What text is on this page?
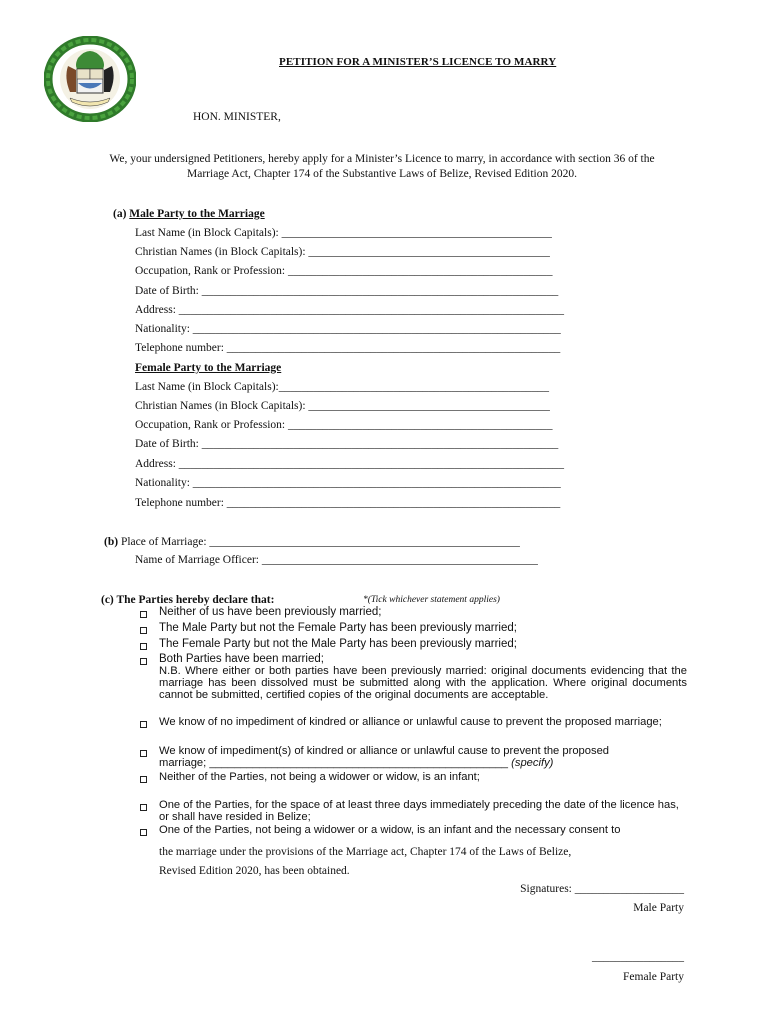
PETITION FOR A MINISTER’S LICENCE TO MARRY
HON. MINISTER,
We, your undersigned Petitioners, hereby apply for a Minister’s Licence to marry, in accordance with section 36 of the Marriage Act, Chapter 174 of the Substantive Laws of Belize, Revised Edition 2020.
(a) Male Party to the Marriage
Last Name (in Block Capitals): _______________________________________________
Christian Names (in Block Capitals): __________________________________________
Occupation, Rank or Profession: ______________________________________________
Date of Birth: ______________________________________________________________
Address: ___________________________________________________________________
Nationality: ________________________________________________________________
Telephone number: __________________________________________________________
Female Party to the Marriage
Last Name (in Block Capitals):_______________________________________________
Christian Names (in Block Capitals): __________________________________________
Occupation, Rank or Profession: ______________________________________________
Date of Birth: ______________________________________________________________
Address: ___________________________________________________________________
Nationality: ________________________________________________________________
Telephone number: __________________________________________________________
(b) Place of Marriage: ______________________________________________________
Name of Marriage Officer: ________________________________________________
(c) The Parties hereby declare that:	*(Tick whichever statement applies)
Neither of us have been previously married;
The Male Party but not the Female Party has been previously married;
The Female Party but not the Male Party has been previously married;
Both Parties have been married;
N.B. Where either or both parties have been previously married: original documents evidencing that the marriage has been dissolved must be submitted along with the application. Where original documents cannot be submitted, certified copies of the original documents are acceptable.
We know of no impediment of kindred or alliance or unlawful cause to prevent the proposed marriage;
We know of impediment(s) of kindred or alliance or unlawful cause to prevent the proposed
marriage; ________________________________________________ (specify)
Neither of the Parties, not being a widower or widow, is an infant;
One of the Parties, for the space of at least three days immediately preceding the date of the licence has, or shall have resided in Belize;
One of the Parties, not being a widower or a widow, is an infant and the necessary consent to
the marriage under the provisions of the Marriage act, Chapter 174 of the Laws of Belize,
Revised Edition 2020, has been obtained.
Signatures: ___________________
Male Party
________________
Female Party
